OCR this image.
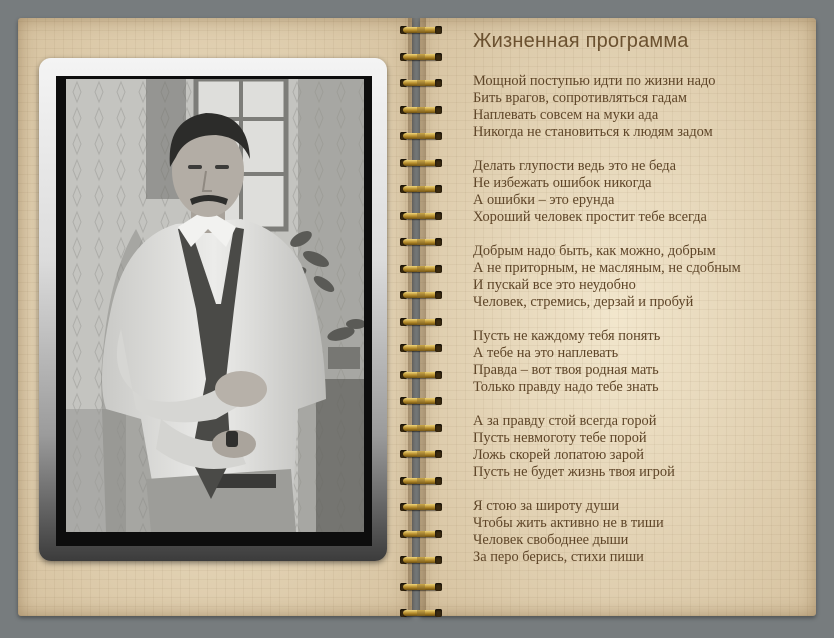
Жизненная программа
Мощной поступью идти по жизни надо
Бить врагов, сопротивляться гадам
Наплевать совсем на муки ада
Никогда не становиться к людям задом
Делать глупости ведь это не беда
Не избежать ошибок никогда
А ошибки – это ерунда
Хороший человек простит тебе всегда
Добрым надо быть, как можно, добрым
А не приторным, не масляным, не сдобным
И пускай все это неудобно
Человек, стремись, дерзай и пробуй
Пусть не каждому тебя понять
А тебе на это наплевать
Правда – вот твоя родная мать
Только правду надо тебе знать
А за правду стой всегда горой
Пусть невмоготу тебе порой
Ложь скорей лопатою зарой
Пусть не будет жизнь твоя игрой
Я стою за широту души
Чтобы жить активно не в тиши
Человек свободнее дыши
За перо берись, стихи пиши
